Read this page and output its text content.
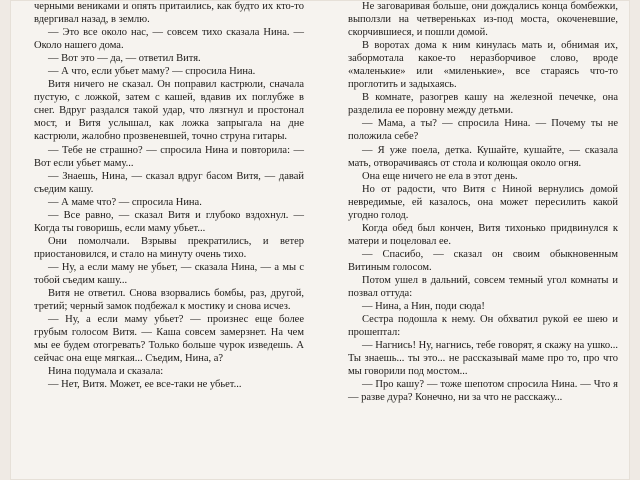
черными вениками и опять притаились, как будто их кто-то вдергивал назад, в землю.

— Это все около нас, — совсем тихо сказала Нина. — Около нашего дома.

— Вот это — да, — ответил Витя.

— А что, если убьет маму? — спросила Нина.

Витя ничего не сказал. Он поправил кастрюли, сначала пустую, с ложкой, затем с кашей, вдавив их поглубже в снег. Вдруг раздался такой удар, что лязгнул и простонал мост, и Витя услышал, как ложка запрыгала на дне кастрюли, жалобно прозвеневшей, точно струна гитары.

— Тебе не страшно? — спросила Нина и повторила: — Вот если убьет маму...

— Знаешь, Нина, — сказал вдруг басом Витя, — давай съедим кашу.

— А маме что? — спросила Нина.

— Все равно, — сказал Витя и глубоко вздохнул. — Когда ты говоришь, если маму убьет...

Они помолчали. Взрывы прекратились, и ветер приостановился, и стало на минуту очень тихо.

— Ну, а если маму не убьет, — сказала Нина, — а мы с тобой съедим кашу...

Витя не ответил. Снова взорвались бомбы, раз, другой, третий; черный замок подбежал к мостику и снова исчез.

— Ну, а если маму убьет? — произнес еще более грубым голосом Витя. — Каша совсем замерзнет. На чем мы ее будем отогревать? Только больше чурок изведешь. А сейчас она еще мягкая... Съедим, Нина, а?

Нина подумала и сказала:

— Нет, Витя. Может, ее все-таки не убьет...

Не заговаривая больше, они дождались конца бомбежки, выползли на четвереньках из-под моста, окоченевшие, скорчившиеся, и пошли домой.

В воротах дома к ним кинулась мать и, обнимая их, забормотала какое-то неразборчивое слово, вроде «маленькие» или «миленькие», все стараясь что-то проглотить и задыхаясь.

В комнате, разогрев кашу на железной печечке, она разделила ее поровну между детьми.

— Мама, а ты? — спросила Нина. — Почему ты не положила себе?

— Я уже поела, детка. Кушайте, кушайте, — сказала мать, отворачиваясь от стола и колющая около огня.

Она еще ничего не ела в этот день.

Но от радости, что Витя с Ниной вернулись домой невредимые, ей казалось, она может пересилить какой угодно голод.

Когда обед был кончен, Витя тихонько придвинулся к матери и поцеловал ее.

— Спасибо, — сказал он своим обыкновенным Витиным голосом.

Потом ушел в дальний, совсем темный угол комнаты и позвал оттуда:

— Нина, а Нин, поди сюда!

Сестра подошла к нему. Он обхватил рукой ее шею и прошептал:

— Нагнись! Ну, нагнись, тебе говорят, я скажу на ушко... Ты знаешь... ты это... не рассказывай маме про то, про что мы говорили под мостом...

— Про кашу? — тоже шепотом спросила Нина. — Что я — разве дура? Конечно, ни за что не расскажу...
